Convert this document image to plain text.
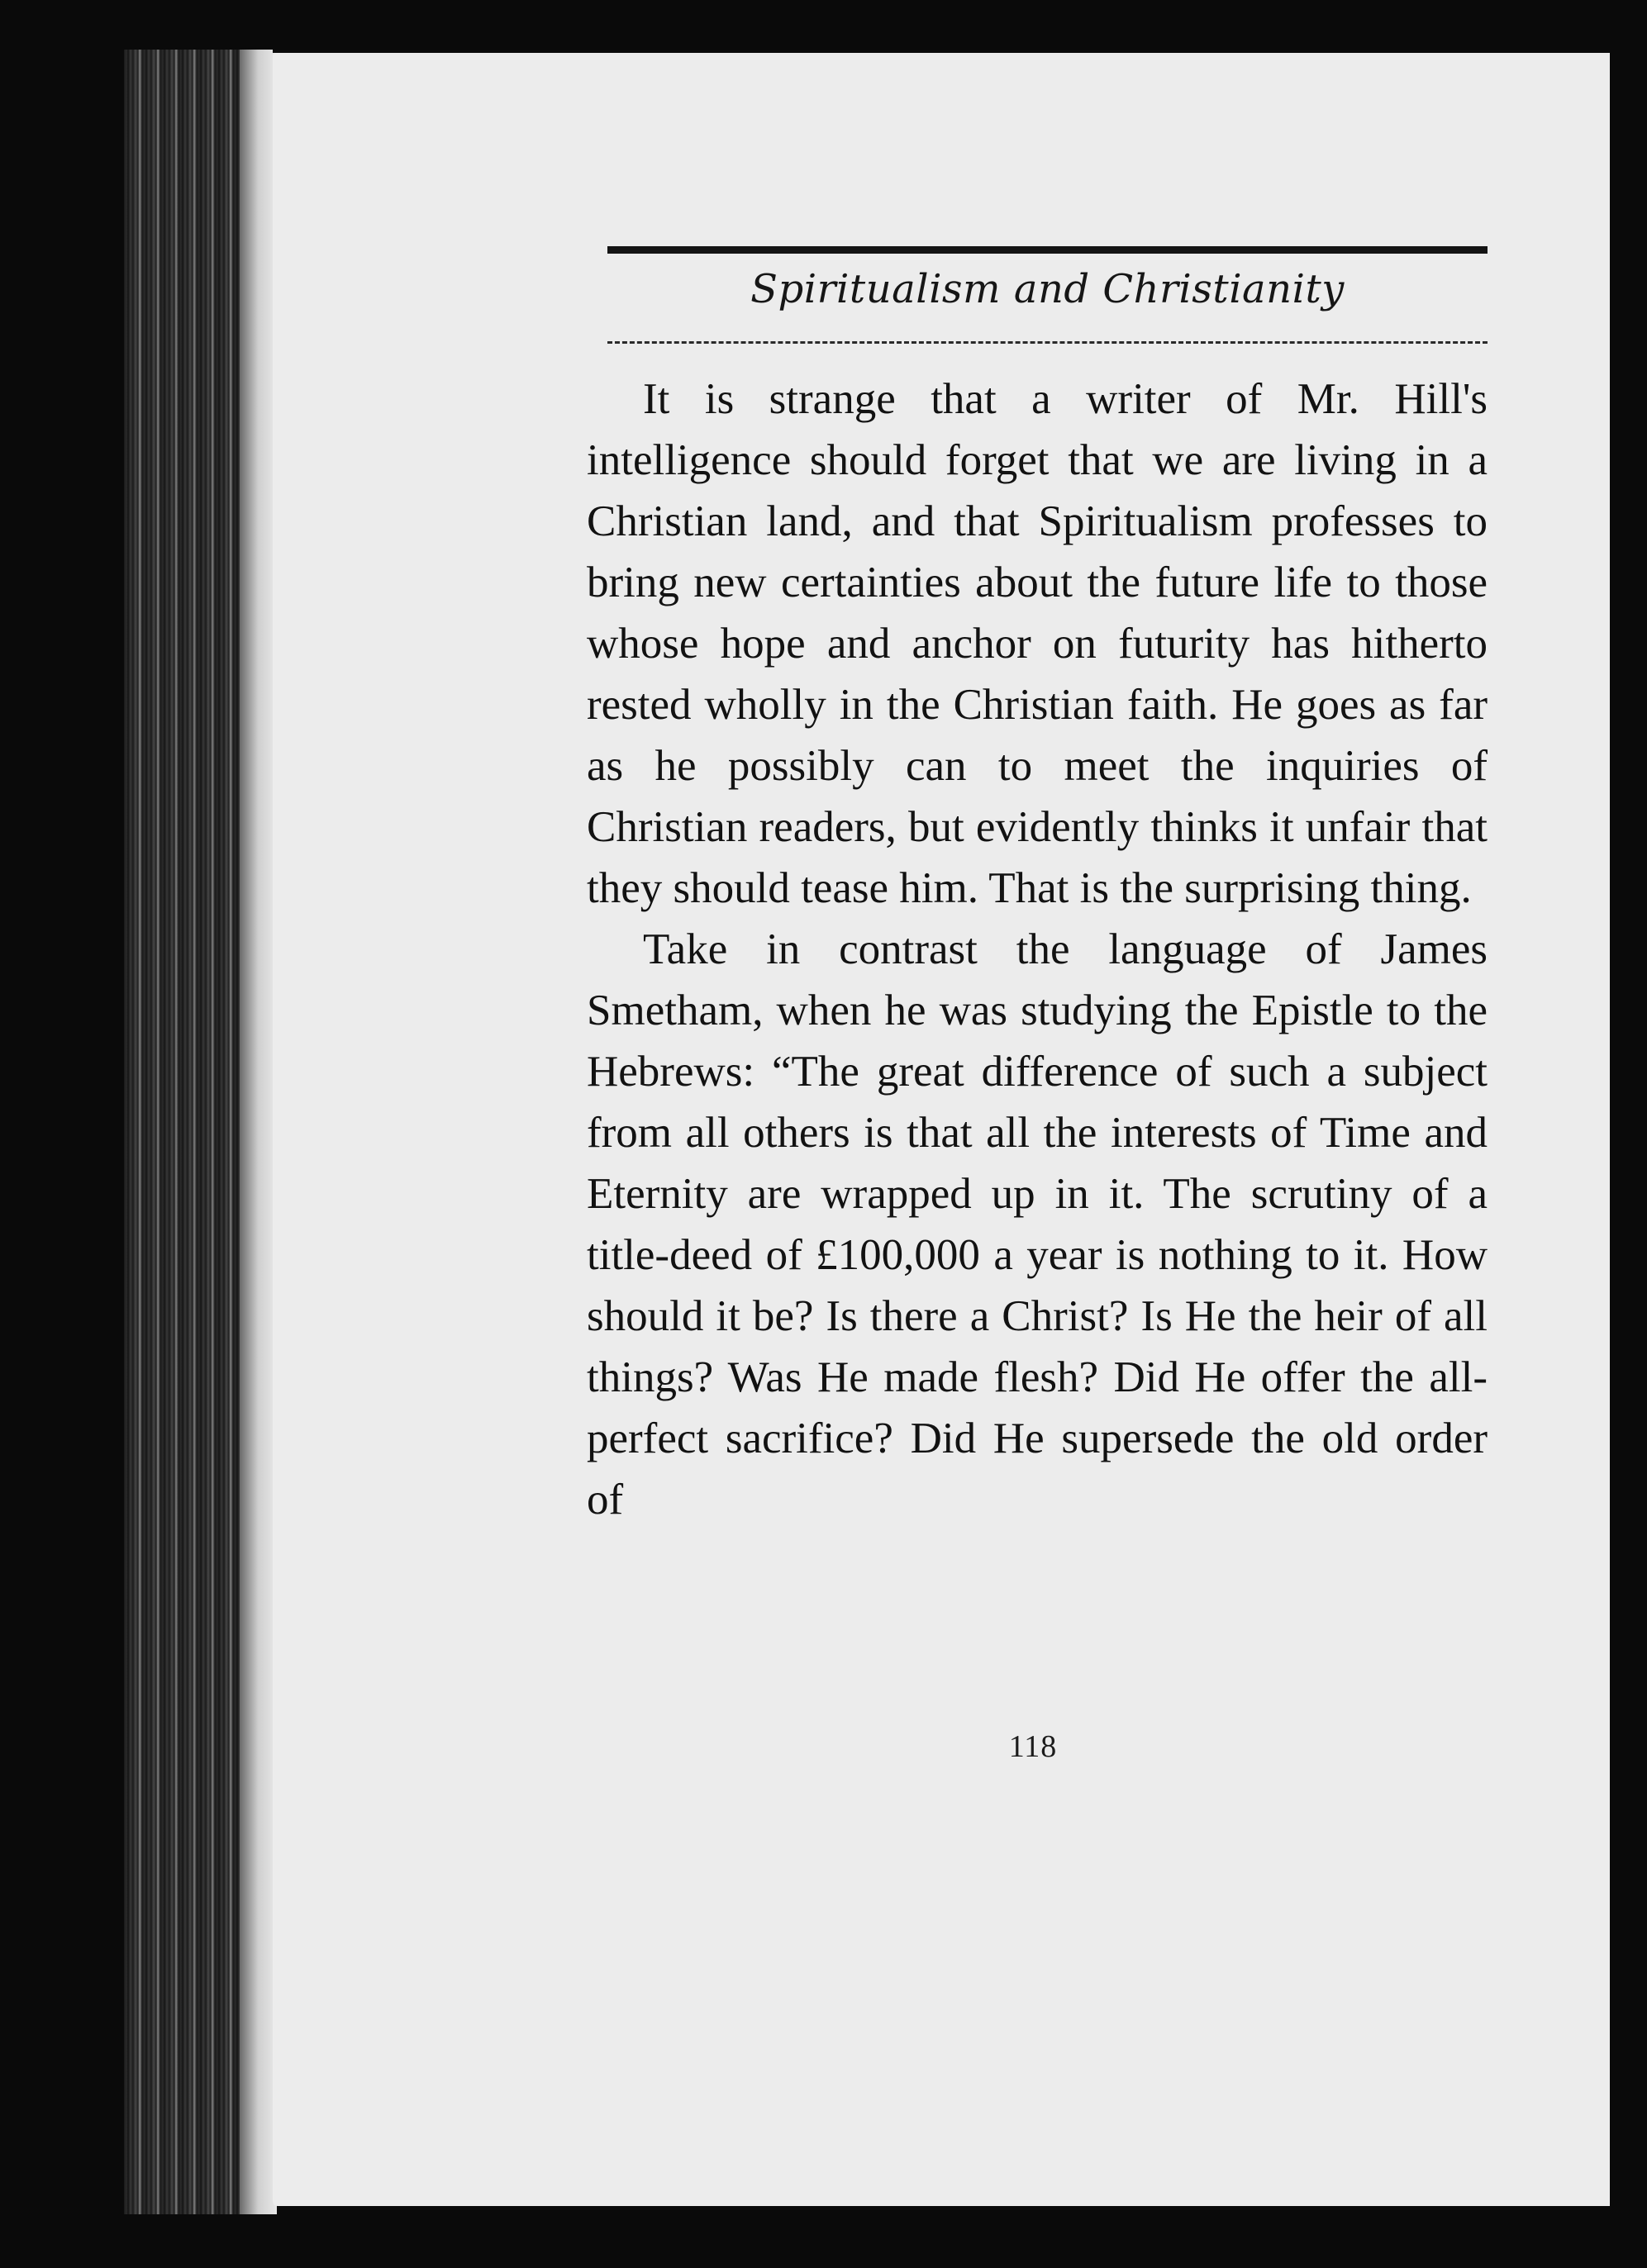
Spiritualism and Christianity

It is strange that a writer of Mr. Hill's intelligence should forget that we are living in a Christian land, and that Spiritualism professes to bring new certainties about the future life to those whose hope and anchor on futurity has hitherto rested wholly in the Christian faith. He goes as far as he possibly can to meet the inquiries of Christian readers, but evidently thinks it unfair that they should tease him. That is the surprising thing.

Take in contrast the language of James Smetham, when he was studying the Epistle to the Hebrews: “The great difference of such a subject from all others is that all the interests of Time and Eternity are wrapped up in it. The scrutiny of a title-deed of £100,000 a year is nothing to it. How should it be? Is there a Christ? Is He the heir of all things? Was He made flesh? Did He offer the all-perfect sacrifice? Did He supersede the old order of

118
